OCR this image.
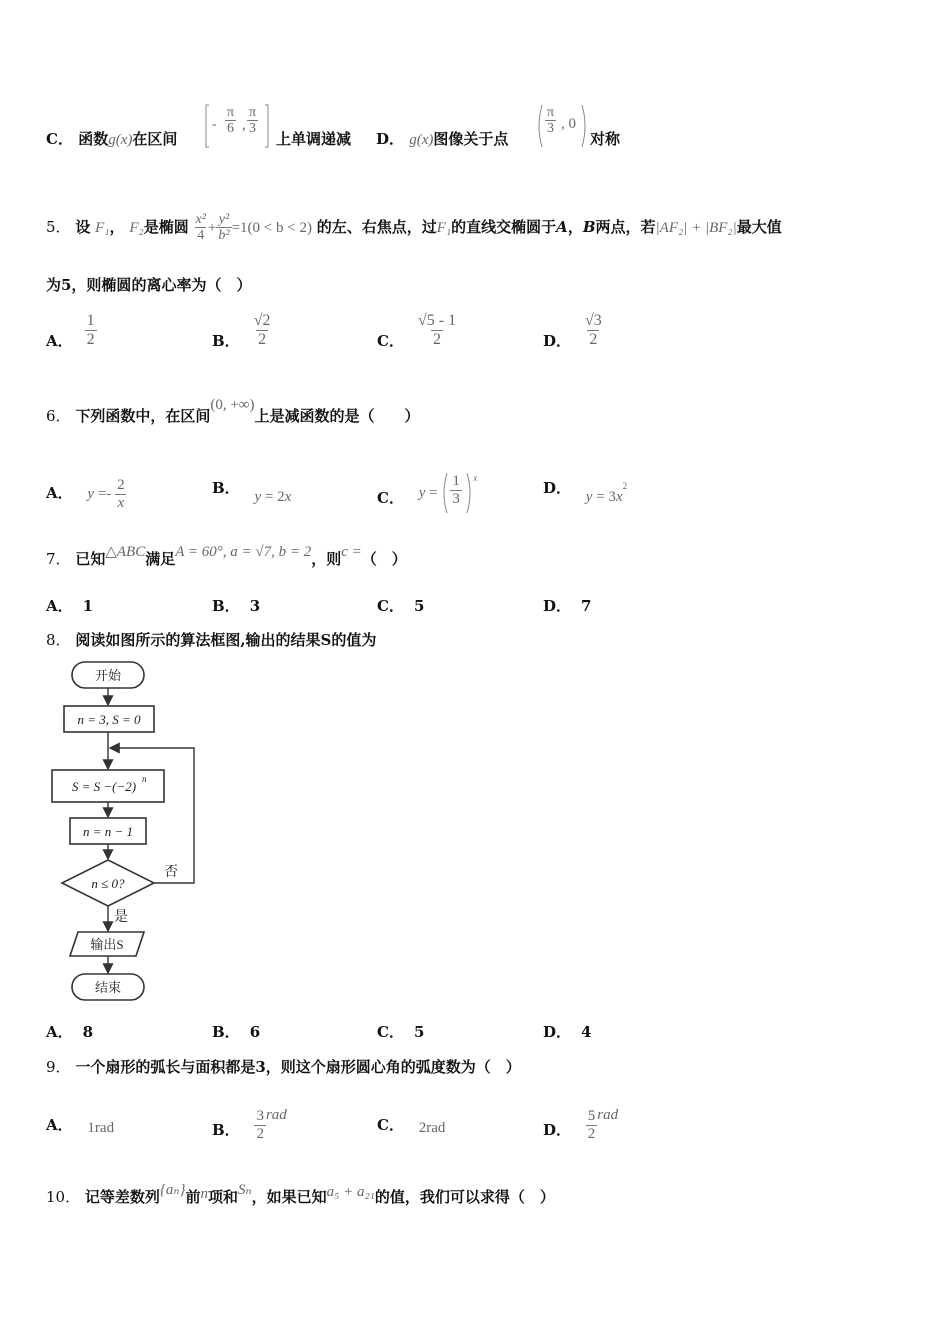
C． 函数g(x)在区间
- $\frac{\pi}{6}$ , $\frac{\pi}{3}$
上单调递减 D． g(x)图像关于点
$\frac{\pi}{3}$ , 0
对称
5． 设 F₁， F₂是椭圆 $\frac{\text{x²}}{4} + \frac{\text{y²}}{\text{b²}} =1(0 < b < 2)$ 的左、右焦点，过F₁的直线交椭圆于A，B两点，若|AF₂| + |BF₂|最大值
为5，则椭圆的离心率为（　）
A． $\frac{1}{2}$	B． $\frac{√2}{2}$	C． $\frac{√5 - 1}{2}$	D． $\frac{√3}{2}$
6． 下列函数中，在区间(0, +∞)上是减函数的是（　　）
A． $y =- \frac{2}{x}$	B． y = 2x	C． $y = \frac{1}{3} ^x$
D． $y = 3x^2$
7． 已知△ABC满足A = 60°, a = √7, b = 2，则c =（　）
A． 1	B． 3	C． 5	D． 7
8． 阅读如图所示的算法框图,输出的结果S的值为
开始
n = 3, S = 0
S = S −(−2) n
n = n − 1
n ≤ 0?
否
是
输出S
结束
A． 8	B． 6	C． 5	D． 4
9． 一个扇形的弧长与面积都是3，则这个扇形圆心角的弧度数为（　）
A． 1rad	B． $\frac{3}{2}$ rad
C． 2rad	D． $\frac{5}{2}$ rad
10． 记等差数列{aₙ}前n项和Sₙ，如果已知a₅ + a₂₁的值，我们可以求得（　）
